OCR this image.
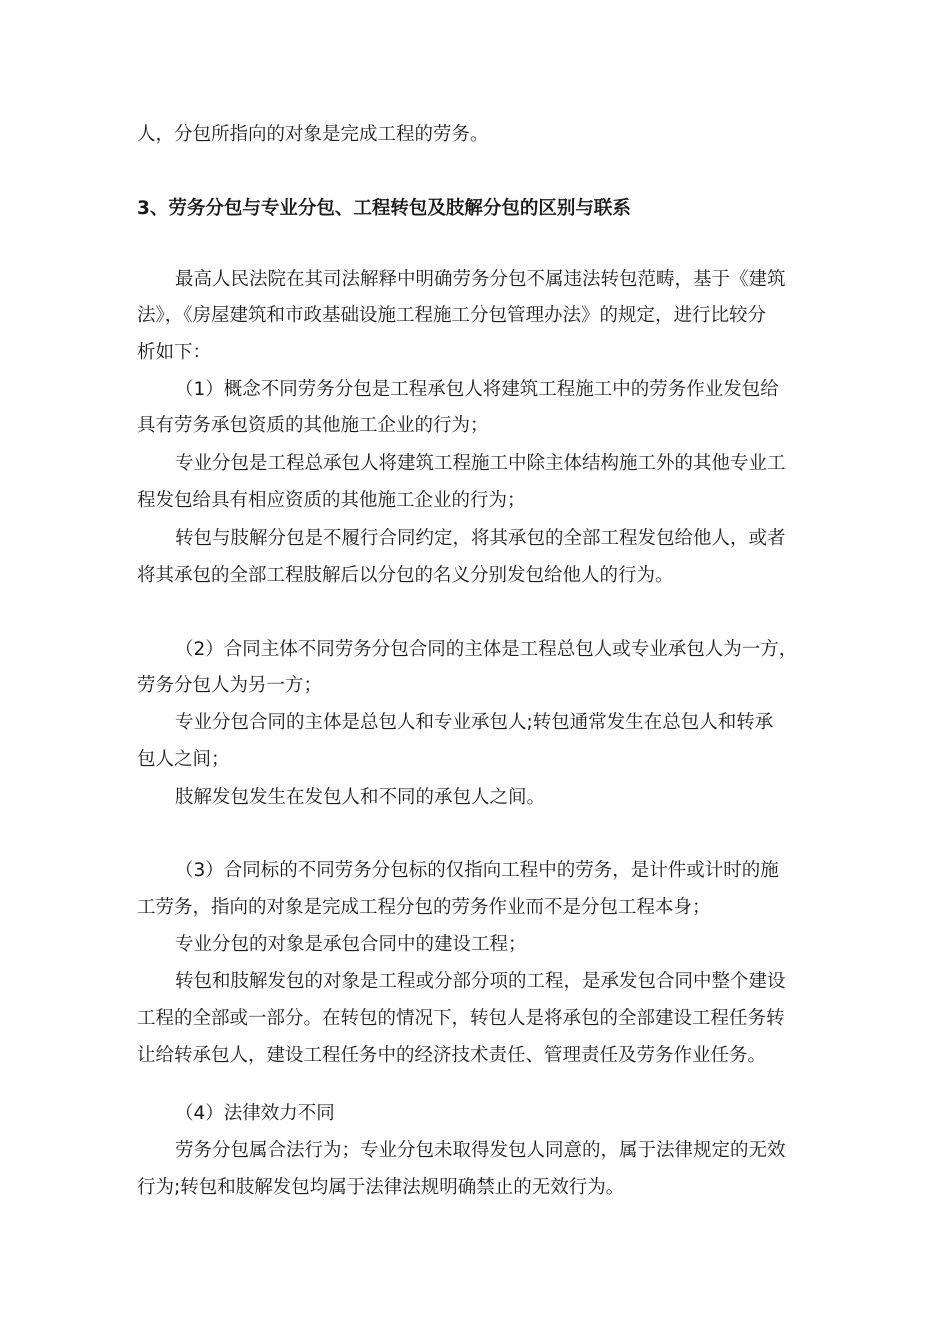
人，分包所指向的对象是完成工程的劳务。

3、劳务分包与专业分包、工程转包及肢解分包的区别与联系

最高人民法院在其司法解释中明确劳务分包不属违法转包范畴，基于《建筑

法》，《房屋建筑和市政基础设施工程施工分包管理办法》的规定，进行比较分

析如下：

（1）概念不同劳务分包是工程承包人将建筑工程施工中的劳务作业发包给

具有劳务承包资质的其他施工企业的行为；

专业分包是工程总承包人将建筑工程施工中除主体结构施工外的其他专业工

程发包给具有相应资质的其他施工企业的行为；

转包与肢解分包是不履行合同约定，将其承包的全部工程发包给他人，或者

将其承包的全部工程肢解后以分包的名义分别发包给他人的行为。

（2）合同主体不同劳务分包合同的主体是工程总包人或专业承包人为一方，

劳务分包人为另一方；

专业分包合同的主体是总包人和专业承包人;转包通常发生在总包人和转承

包人之间；

肢解发包发生在发包人和不同的承包人之间。

（3）合同标的不同劳务分包标的仅指向工程中的劳务，是计件或计时的施

工劳务，指向的对象是完成工程分包的劳务作业而不是分包工程本身；

专业分包的对象是承包合同中的建设工程；

转包和肢解发包的对象是工程或分部分项的工程，是承发包合同中整个建设

工程的全部或一部分。在转包的情况下，转包人是将承包的全部建设工程任务转

让给转承包人，建设工程任务中的经济技术责任、管理责任及劳务作业任务。

（4）法律效力不同

劳务分包属合法行为；专业分包未取得发包人同意的，属于法律规定的无效

行为;转包和肢解发包均属于法律法规明确禁止的无效行为。
